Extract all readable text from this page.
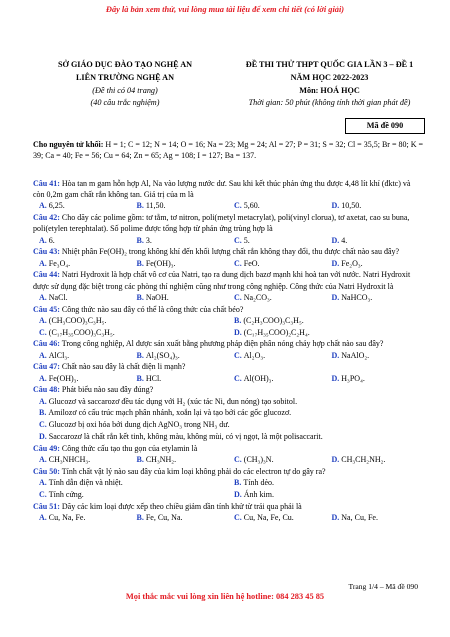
Đây là bản xem thử, vui lòng mua tài liệu để xem chi tiết (có lời giải)
SỞ GIÁO DỤC ĐÀO TẠO NGHỆ AN
LIÊN TRƯỜNG NGHỆ AN
(Đề thi có 04 trang)
(40 câu trắc nghiệm)
ĐỀ THI THỬ THPT QUỐC GIA LẦN 3 – ĐỀ 1
NĂM HỌC 2022-2023
Môn: HOÁ HỌC
Thời gian: 50 phút (không tính thời gian phát đề)
Mã đề 090
Cho nguyên tử khối: H = 1; C = 12; N = 14; O = 16; Na = 23; Mg = 24; Al = 27; P = 31; S = 32; Cl = 35,5; Br = 80; K = 39; Ca = 40; Fe = 56; Cu = 64; Zn = 65; Ag = 108; I = 127; Ba = 137.
Câu 41: Hòa tan m gam hỗn hợp Al, Na vào lượng nước dư. Sau khi kết thúc phản ứng thu được 4,48 lít khí (đktc) và còn 0,2m gam chất rắn không tan. Giá trị của m là
A. 6,25.	B. 11,50.	C. 5,60.	D. 10,50.
Câu 42: Cho dãy các polime gồm: tơ tằm, tơ nitron, poli(metyl metacrylat), poli(vinyl clorua), tơ axetat, cao su buna, poli(etylen terephtalat). Số polime được tổng hợp từ phản ứng trùng hợp là
A. 6.	B. 3.	C. 5.	D. 4.
Câu 43: Nhiệt phân Fe(OH)₂ trong không khí đến khối lượng chất rắn không thay đổi, thu được chất nào sau đây?
A. Fe₃O₄.	B. Fe(OH)₃.	C. FeO.	D. Fe₂O₃.
Câu 44: Natri Hydroxit là hợp chất vô cơ của Natri, tạo ra dung dịch bazơ mạnh khi hoà tan với nước. Natri Hydroxit được sử dụng đặc biệt trong các phòng thí nghiệm cũng như trong công nghiệp. Công thức của Natri Hydroxit là
A. NaCl.	B. NaOH.	C. Na₂CO₃.	D. NaHCO₃.
Câu 45: Công thức nào sau đây có thể là công thức của chất béo?
A. (CH₃COO)₃C₃H₅.	B. (C₂H₃COO)₃C₃H₅.
C. (C₁₇H₃₅COO)₃C₃H₅.	D. (C₁₇H₃₅COO)₂C₂H₄.
Câu 46: Trong công nghiệp, Al được sản xuất bằng phương pháp điện phân nóng chảy hợp chất nào sau đây?
A. AlCl₃.	B. Al₂(SO₄)₃.	C. Al₂O₃.	D. NaAlO₂.
Câu 47: Chất nào sau đây là chất điện li mạnh?
A. Fe(OH)₃.	B. HCl.	C. Al(OH)₃.	D. H₃PO₄.
Câu 48: Phát biểu nào sau đây đúng?
A. Glucozơ và saccarozơ đều tác dụng với H₂ (xúc tác Ni, đun nóng) tạo sobitol.
B. Amilozơ có cấu trúc mạch phân nhánh, xoắn lại và tạo bởi các gốc glucozơ.
C. Glucozơ bị oxi hóa bởi dung dịch AgNO₃ trong NH₃ dư.
D. Saccarozơ là chất rắn kết tinh, không màu, không mùi, có vị ngọt, là một polisaccarit.
Câu 49: Công thức cấu tạo thu gọn của etylamin là
A. CH₃NHCH₃.	B. CH₃NH₂.	C. (CH₃)₃N.	D. CH₃CH₂NH₂.
Câu 50: Tính chất vật lý nào sau đây của kim loại không phải do các electron tự do gây ra?
A. Tính dẫn điện và nhiệt.	B. Tính dẻo.
C. Tính cứng.	D. Ánh kim.
Câu 51: Dãy các kim loại được xếp theo chiều giảm dần tính khử từ trái qua phải là
A. Cu, Na, Fe.	B. Fe, Cu, Na.	C. Cu, Na, Fe, Cu.	D. Na, Cu, Fe.
Trang 1/4 – Mã đề 090
Mọi thắc mắc vui lòng xin liên hệ hotline: 084 283 45 85
